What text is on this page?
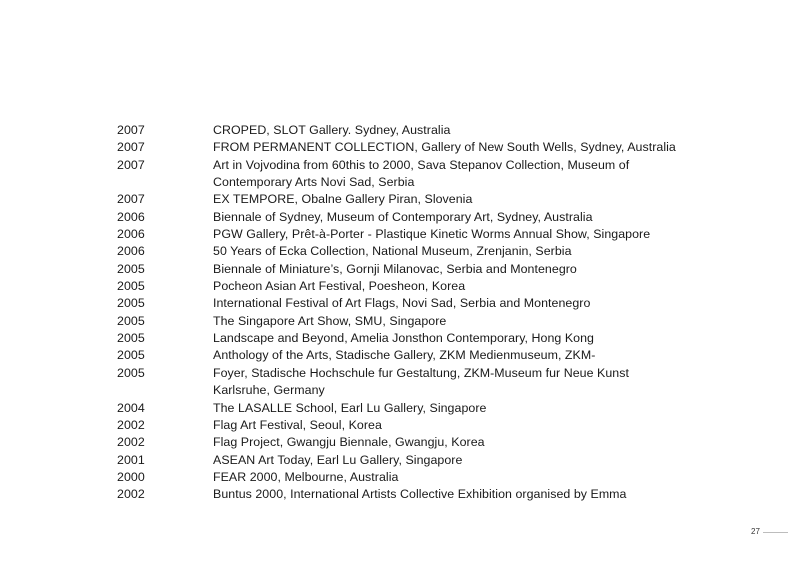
2007	CROPED, SLOT Gallery. Sydney, Australia
2007	FROM PERMANENT COLLECTION, Gallery of New South Wells, Sydney, Australia
2007	Art in Vojvodina from 60this to 2000, Sava Stepanov Collection, Museum of
Contemporary Arts Novi Sad, Serbia
2007	EX TEMPORE, Obalne Gallery Piran, Slovenia
2006	Biennale of Sydney, Museum of Contemporary Art, Sydney, Australia
2006	PGW Gallery, Prêt-à-Porter - Plastique Kinetic Worms Annual Show, Singapore
2006	50 Years of Ecka Collection, National Museum, Zrenjanin, Serbia
2005	Biennale of Miniature’s, Gornji Milanovac, Serbia and Montenegro
2005	Pocheon Asian Art Festival, Poesheon, Korea
2005	International Festival of Art Flags, Novi Sad, Serbia and Montenegro
2005	The Singapore Art Show, SMU, Singapore
2005	Landscape and Beyond, Amelia Jonsthon Contemporary, Hong Kong
2005	Anthology of the Arts, Stadische Gallery, ZKM Medienmuseum, ZKM-
2005	Foyer, Stadische Hochschule fur Gestaltung, ZKM-Museum fur Neue Kunst
Karlsruhe, Germany
2004	The LASALLE School, Earl Lu Gallery, Singapore
2002	Flag Art Festival, Seoul, Korea
2002	Flag Project, Gwangju Biennale, Gwangju, Korea
2001	ASEAN Art Today, Earl Lu Gallery, Singapore
2000	FEAR 2000, Melbourne, Australia
2002	Buntus 2000, International Artists Collective Exhibition organised by Emma
27
